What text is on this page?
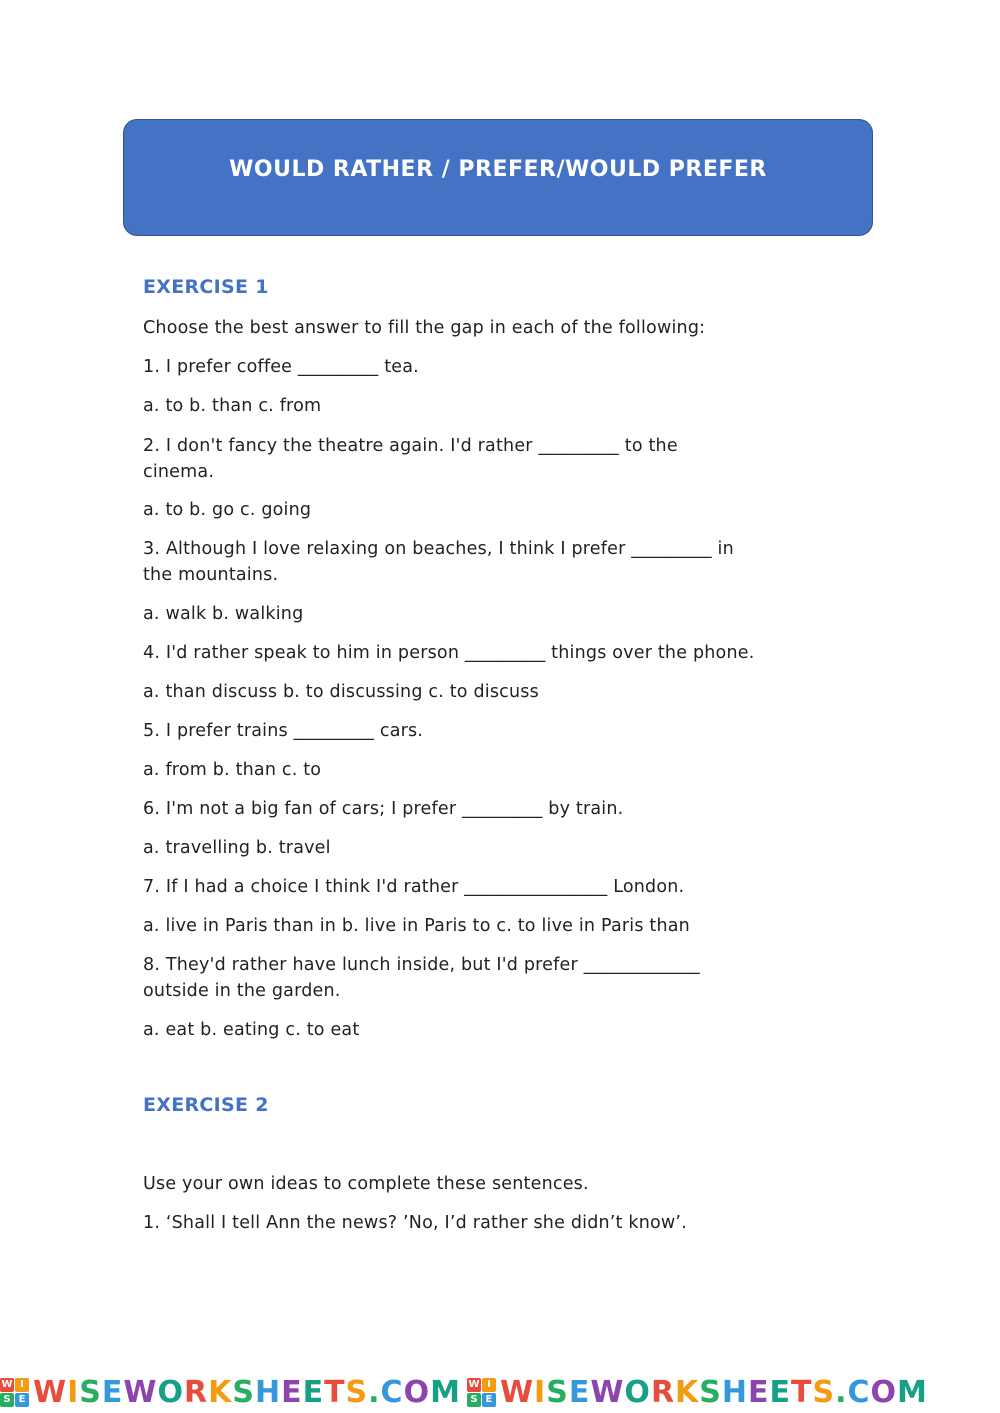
WOULD RATHER / PREFER/WOULD PREFER
EXERCISE 1
Choose the best answer to fill the gap in each of the following:
1. I prefer coffee _________ tea.
a. to b. than c. from
2. I don't fancy the theatre again. I'd rather _________ to the
cinema.
a. to b. go c. going
3. Although I love relaxing on beaches, I think I prefer _________ in
the mountains.
a. walk b. walking
4. I'd rather speak to him in person _________ things over the phone.
a. than discuss b. to discussing c. to discuss
5. I prefer trains _________ cars.
a. from b. than c. to
6. I'm not a big fan of cars; I prefer _________ by train.
a. travelling b. travel
7. If I had a choice I think I'd rather ________________ London.
a. live in Paris than in b. live in Paris to c. to live in Paris than
8. They'd rather have lunch inside, but I'd prefer _____________
outside in the garden.
a. eat b. eating c. to eat
EXERCISE 2
Use your own ideas to complete these sentences.
1. ‘Shall I tell Ann the news? ’No, I’d rather she didn’t know’.
W I
S E WISEWORKSHEETS.COM W I
S E WISEWORKSHEETS.COM
